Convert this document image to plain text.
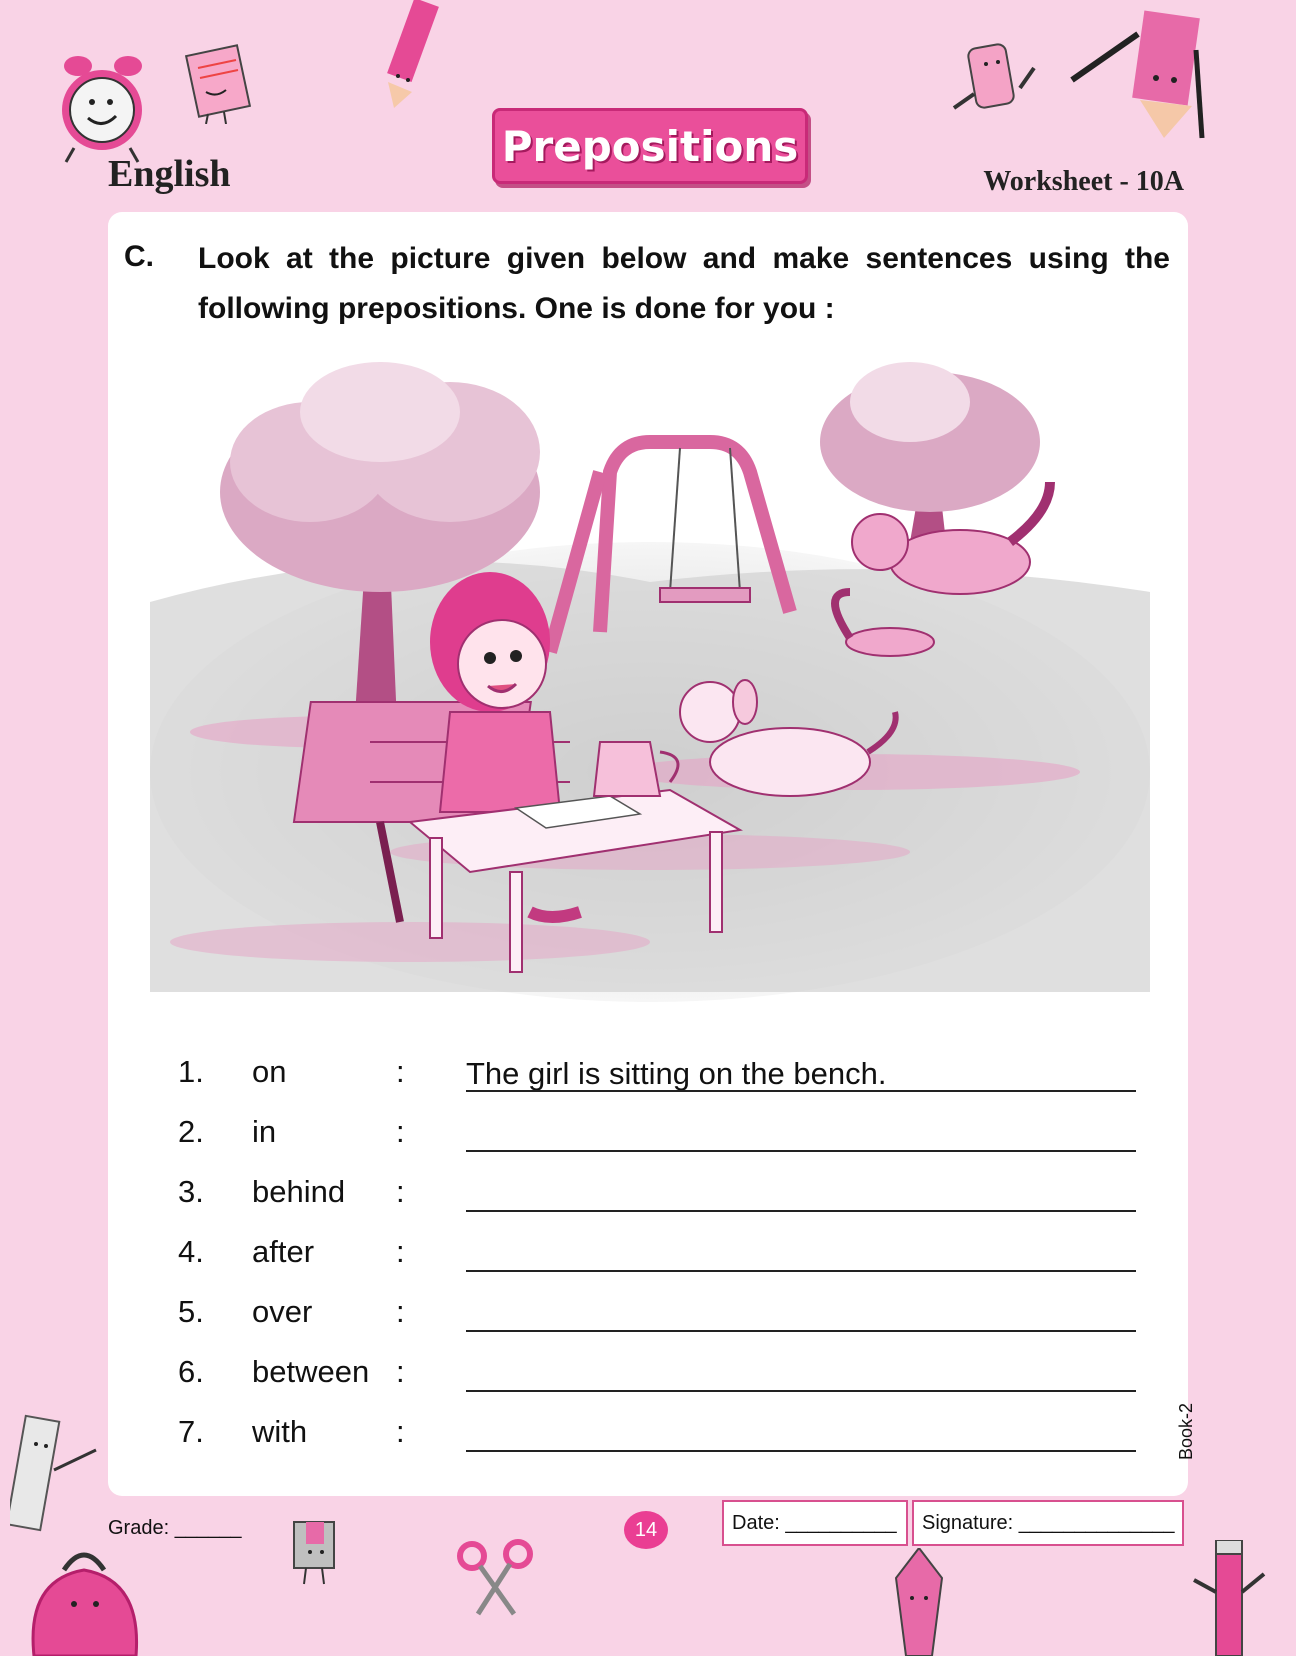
English
Prepositions
Worksheet - 10A
C. Look at the picture given below and make sentences using the following prepositions. One is done for you :
1. on	: The girl is sitting on the bench.
2. in	:
3. behind :
4. after	:
5. over	:
6. between :
7. with	:	Book-2
Grade: ______	14	Date: __________ Signature: ______________
